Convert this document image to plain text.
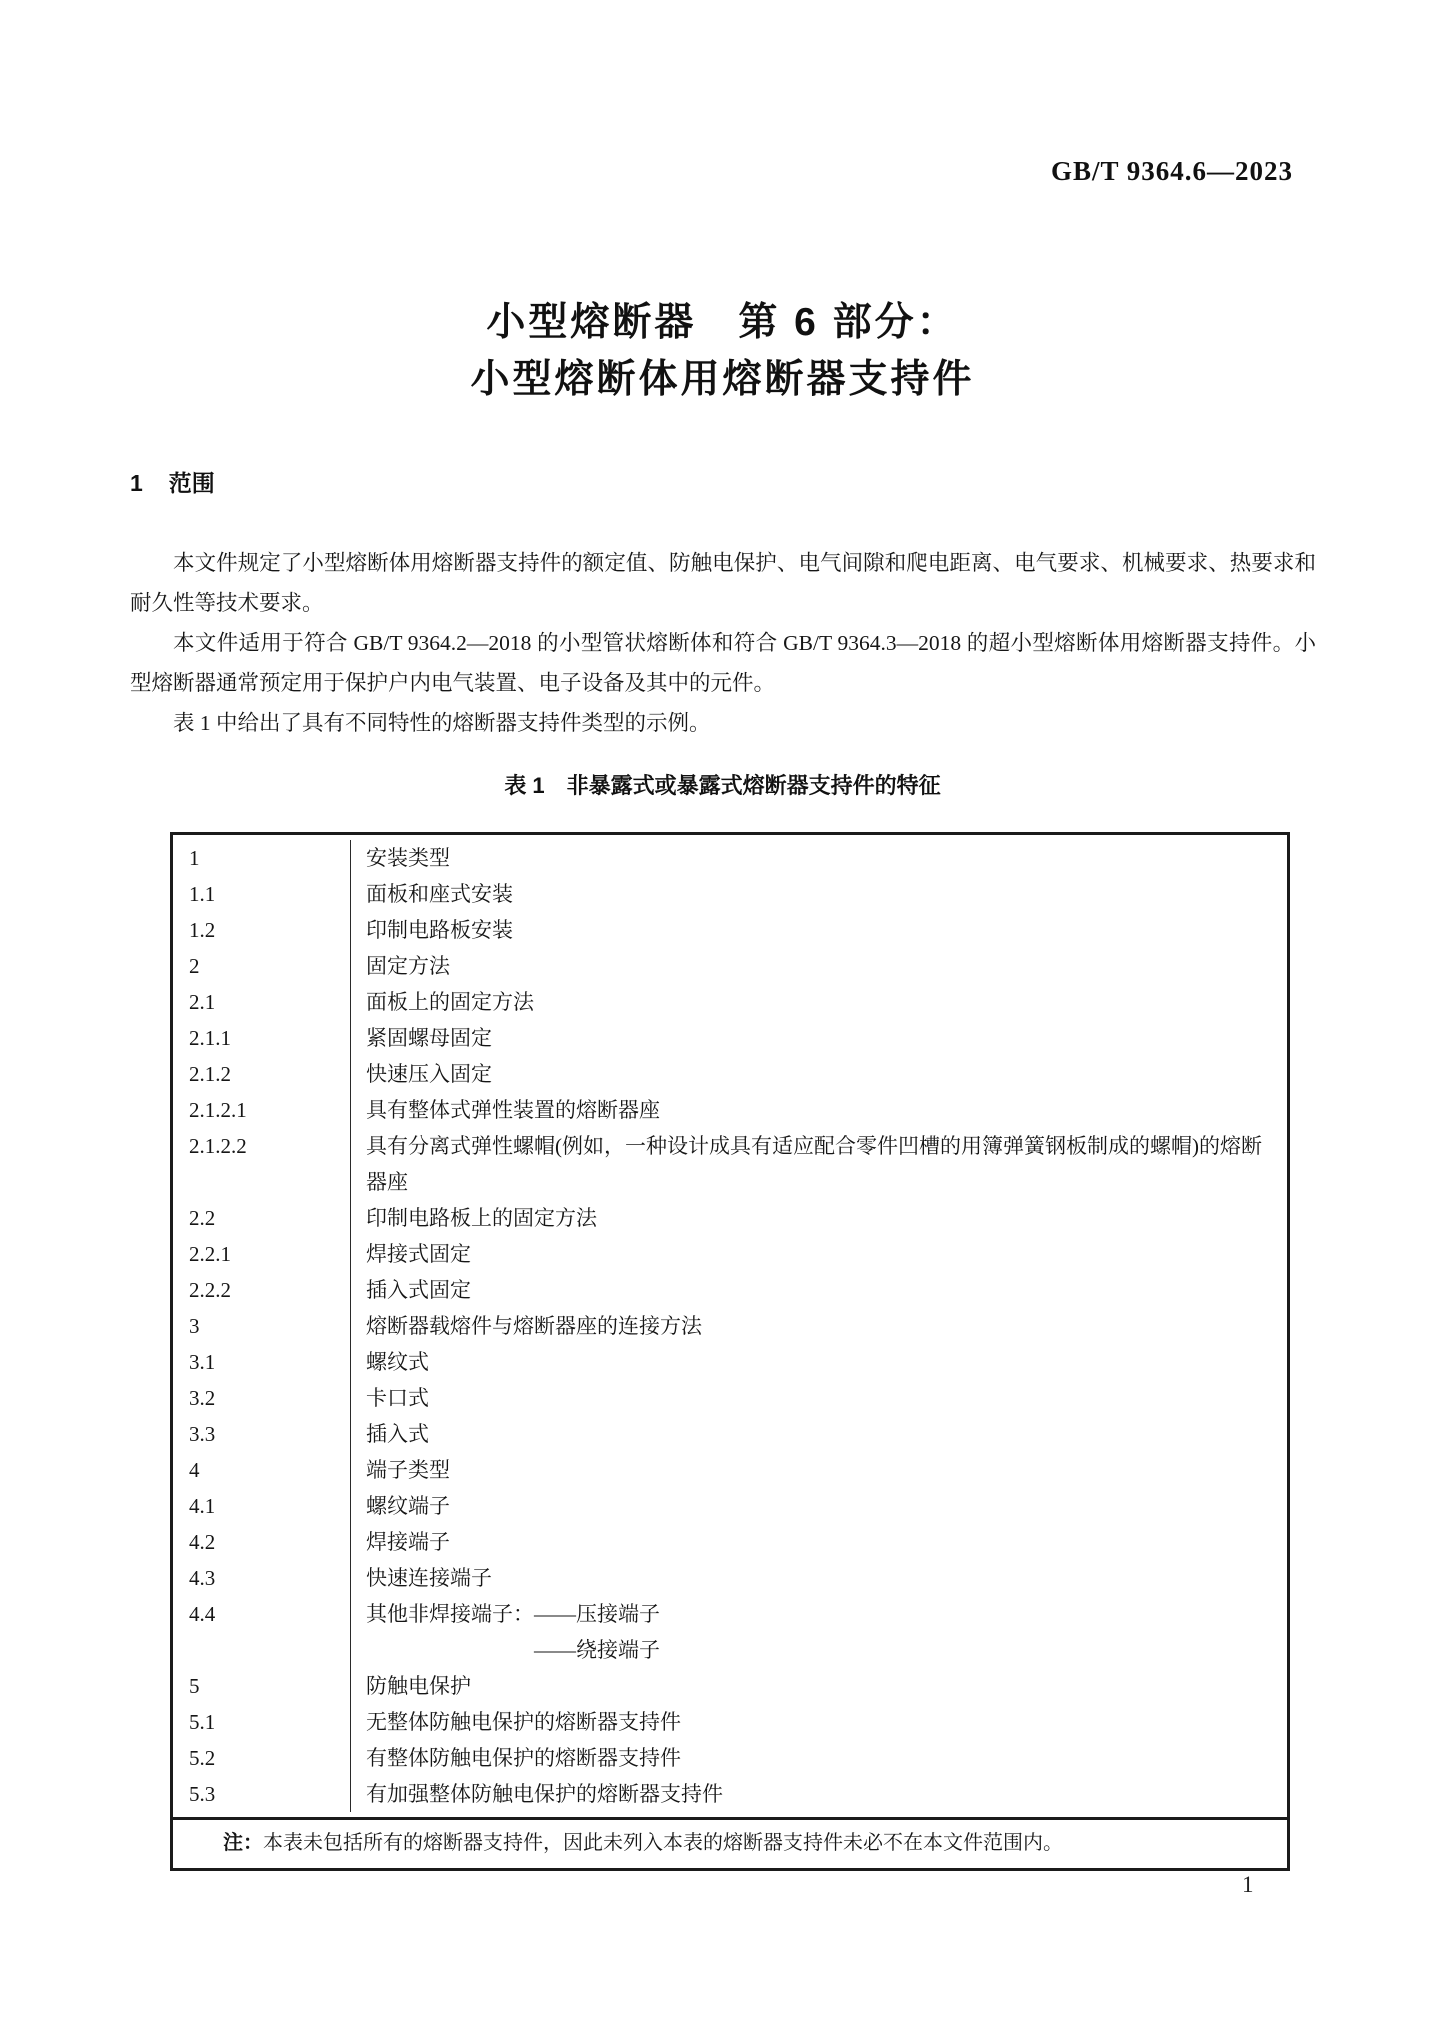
GB/T 9364.6—2023
小型熔断器　第 6 部分：
小型熔断体用熔断器支持件
1 范围

本文件规定了小型熔断体用熔断器支持件的额定值、防触电保护、电气间隙和爬电距离、电气要求、机械要求、热要求和耐久性等技术要求。

本文件适用于符合 GB/T 9364.2—2018 的小型管状熔断体和符合 GB/T 9364.3—2018 的超小型熔断体用熔断器支持件。小型熔断器通常预定用于保护户内电气装置、电子设备及其中的元件。

表 1 中给出了具有不同特性的熔断器支持件类型的示例。

表 1　非暴露式或暴露式熔断器支持件的特征
1	安装类型
1.1	面板和座式安装
1.2	印制电路板安装
2	固定方法
2.1	面板上的固定方法
2.1.1	紧固螺母固定
2.1.2	快速压入固定
2.1.2.1	具有整体式弹性装置的熔断器座
2.1.2.2	具有分离式弹性螺帽(例如，一种设计成具有适应配合零件凹槽的用簿弹簧钢板制成的螺帽)的熔断器座
2.2	印制电路板上的固定方法
2.2.1	焊接式固定
2.2.2	插入式固定
3	熔断器载熔件与熔断器座的连接方法
3.1	螺纹式
3.2	卡口式
3.3	插入式
4	端子类型
4.1	螺纹端子
4.2	焊接端子
4.3	快速连接端子
4.4	其他非焊接端子：——压接端子
——绕接端子
5	防触电保护
5.1	无整体防触电保护的熔断器支持件
5.2	有整体防触电保护的熔断器支持件
5.3	有加强整体防触电保护的熔断器支持件
注：本表未包括所有的熔断器支持件，因此未列入本表的熔断器支持件未必不在本文件范围内。
1
